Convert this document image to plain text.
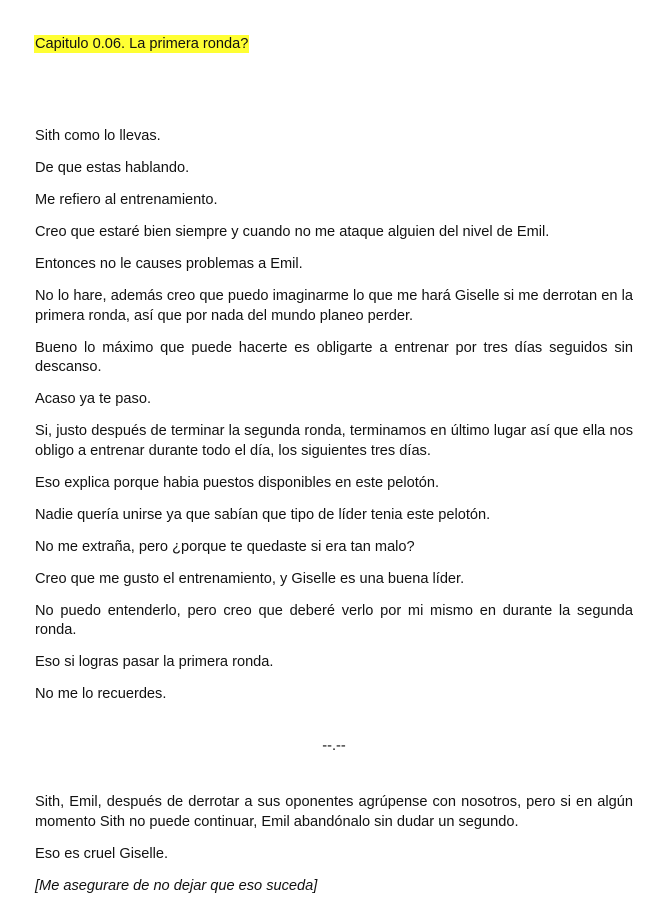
Capitulo 0.06. La primera ronda?

Sith como lo llevas.

De que estas hablando.

Me refiero al entrenamiento.

Creo que estaré bien siempre y cuando no me ataque alguien del nivel de Emil.

Entonces no le causes problemas a Emil.

No lo hare, además creo que puedo imaginarme lo que me hará Giselle si me derrotan en la primera ronda, así que por nada del mundo planeo perder.

Bueno lo máximo que puede hacerte es obligarte a entrenar por tres días seguidos sin descanso.

Acaso ya te paso.

Si, justo después de terminar la segunda ronda, terminamos en último lugar así que ella nos obligo a entrenar durante todo el día, los siguientes tres días.

Eso explica porque habia puestos disponibles en este pelotón.

Nadie quería unirse ya que sabían que tipo de líder tenia este pelotón.

No me extraña, pero ¿porque te quedaste si era tan malo?

Creo que me gusto el entrenamiento, y Giselle es una buena líder.

No puedo entenderlo, pero creo que deberé verlo por mi mismo en durante la segunda ronda.

Eso si logras pasar la primera ronda.

No me lo recuerdes.

--.--

Sith, Emil, después de derrotar a sus oponentes agrúpense con nosotros, pero si en algún momento Sith no puede continuar, Emil abandónalo sin dudar un segundo.

Eso es cruel Giselle.

[Me asegurare de no dejar que eso suceda]
